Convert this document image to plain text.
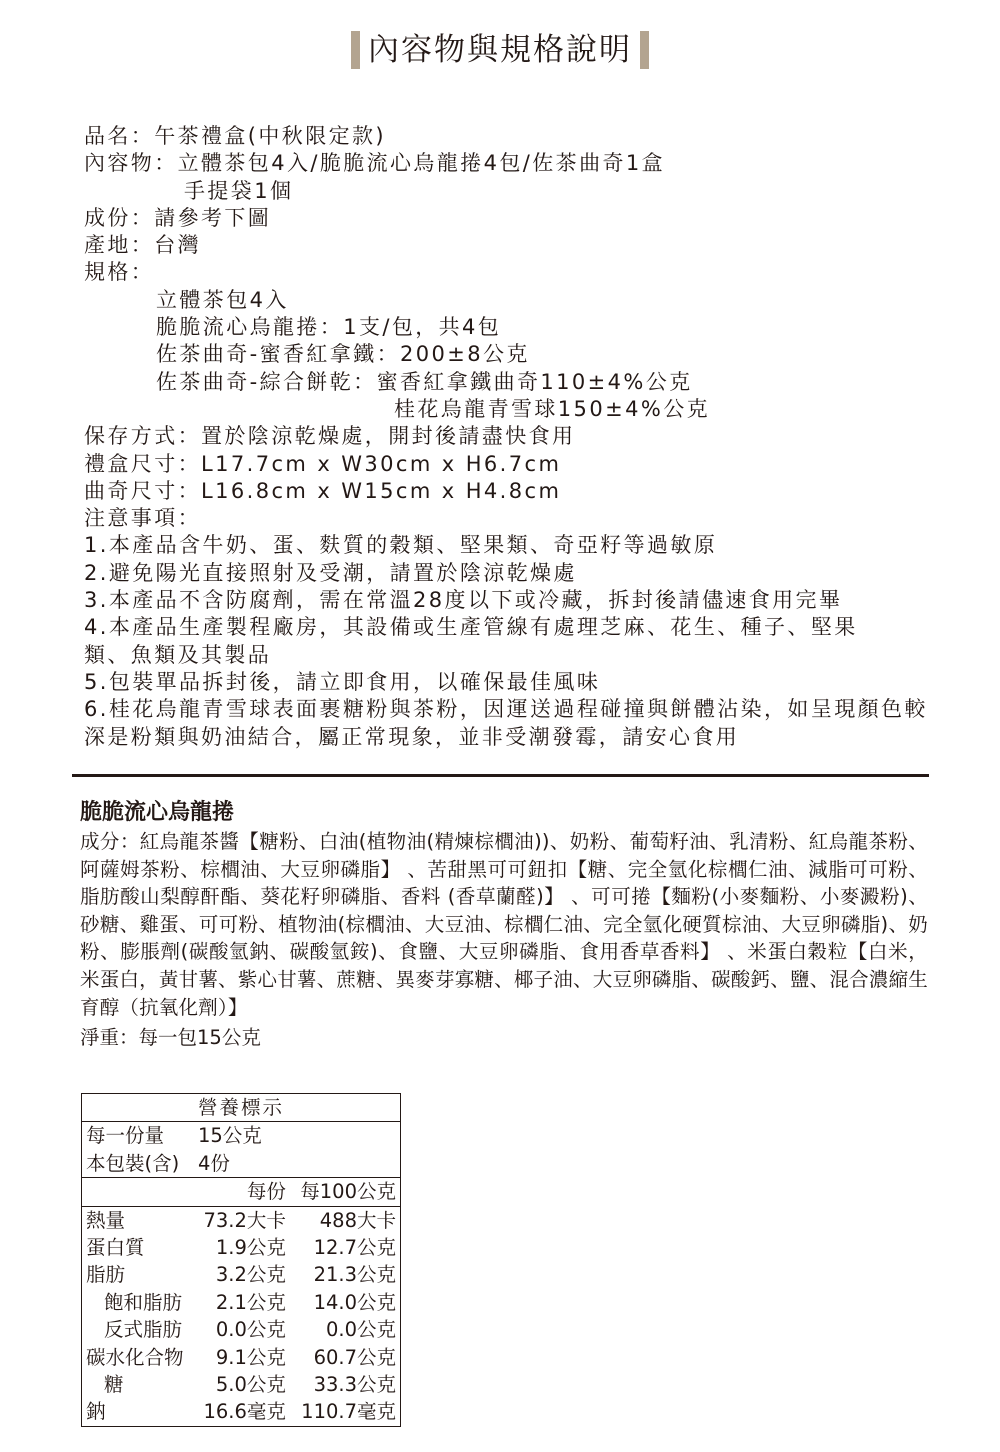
內容物與規格說明
品名：午茶禮盒(中秋限定款)
內容物：立體茶包4入/脆脆流心烏龍捲4包/佐茶曲奇1盒
手提袋1個
成份：請參考下圖
產地：台灣
規格：
立體茶包4入
脆脆流心烏龍捲：1支/包，共4包
佐茶曲奇-蜜香紅拿鐵：200±8公克
佐茶曲奇-綜合餅乾：蜜香紅拿鐵曲奇110±4%公克
桂花烏龍青雪球150±4%公克
保存方式：置於陰涼乾燥處，開封後請盡快食用
禮盒尺寸：L17.7cm x W30cm x H6.7cm
曲奇尺寸：L16.8cm x W15cm x H4.8cm
注意事項：
1.本產品含牛奶、蛋、麩質的穀類、堅果類、奇亞籽等過敏原
2.避免陽光直接照射及受潮，請置於陰涼乾燥處
3.本產品不含防腐劑，需在常溫28度以下或冷藏，拆封後請儘速食用完畢
4.本產品生產製程廠房，其設備或生產管線有處理芝麻、花生、種子、堅果
類、魚類及其製品
5.包裝單品拆封後，請立即食用，以確保最佳風味
6.桂花烏龍青雪球表面裹糖粉與茶粉，因運送過程碰撞與餅體沾染，如呈現顏色較
深是粉類與奶油結合，屬正常現象，並非受潮發霉，請安心食用
脆脆流心烏龍捲
成分：紅烏龍茶醬【糖粉、白油(植物油(精煉棕櫚油))、奶粉、葡萄籽油、乳清粉、紅烏龍茶粉、阿薩姆茶粉、棕櫚油、大豆卵磷脂】 、苦甜黑可可鈕扣【糖、完全氫化棕櫚仁油、減脂可可粉、脂肪酸山梨醇酐酯、葵花籽卵磷脂、香料 (香草蘭醛)】 、可可捲【麵粉(小麥麵粉、小麥澱粉)、砂糖、雞蛋、可可粉、植物油(棕櫚油、大豆油、棕櫚仁油、完全氫化硬質棕油、大豆卵磷脂)、奶粉、膨脹劑(碳酸氫鈉、碳酸氫銨)、食鹽、大豆卵磷脂、食用香草香料】 、米蛋白穀粒【白米，米蛋白，黃甘薯、紫心甘薯、蔗糖、異麥芽寡糖、椰子油、大豆卵磷脂、碳酸鈣、鹽、混合濃縮生育醇（抗氧化劑）】
淨重：每一包15公克
營養標示		
每一份量	15公克	
本包裝(含)	4份	
	每份	每100公克
熱量	73.2大卡	488大卡
蛋白質	1.9公克	12.7公克
脂肪	3.2公克	21.3公克
飽和脂肪	2.1公克	14.0公克
反式脂肪	0.0公克	0.0公克
碳水化合物	9.1公克	60.7公克
糖	5.0公克	33.3公克
鈉	16.6毫克	110.7毫克
